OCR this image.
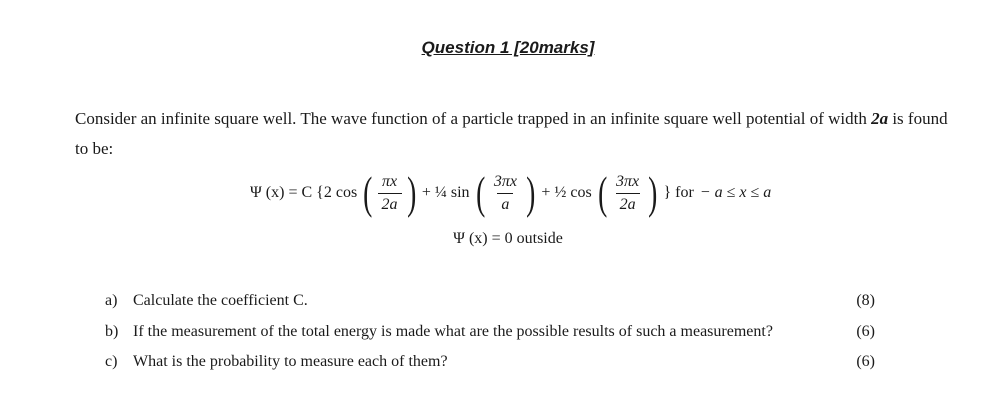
Question 1 [20marks]
Consider an infinite square well. The wave function of a particle trapped in an infinite square well potential of width 2a is found to be:
Ψ (x) = C {2 cos ( $\frac{\pi x}{2a}$ ) + ¼ sin ( $\frac{3\pi x}{a}$ ) + ½ cos ( $\frac{3\pi x}{2a}$ ) } for − a ≤ x ≤ a
Ψ (x) = 0 outside
a) Calculate the coefficient C.	(8)
b) If the measurement of the total energy is made what are the possible results of such a measurement?	(6)
c) What is the probability to measure each of them?	(6)
